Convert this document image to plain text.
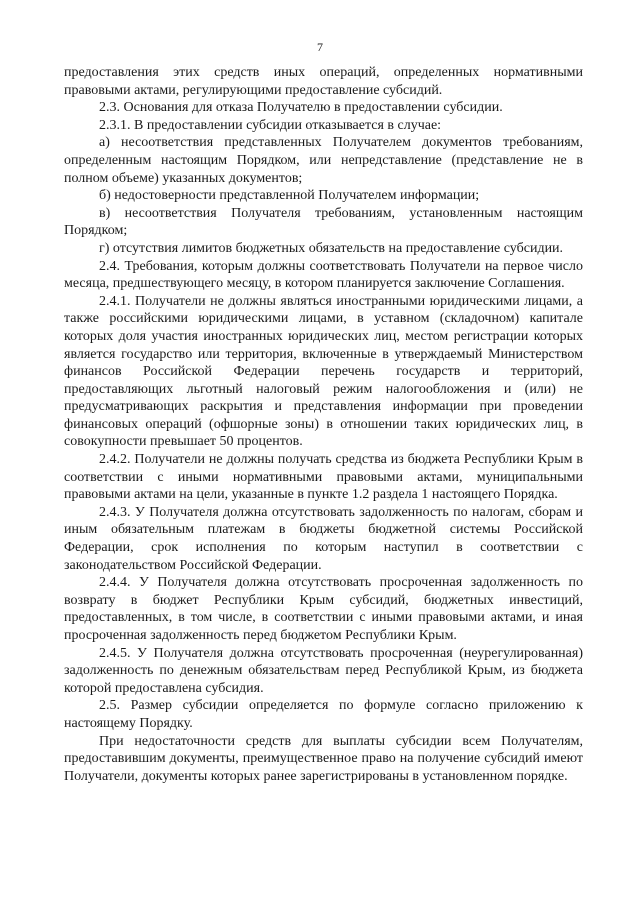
7

предоставления этих средств иных операций, определенных нормативными правовыми актами, регулирующими предоставление субсидий.

2.3. Основания для отказа Получателю в предоставлении субсидии.

2.3.1. В предоставлении субсидии отказывается в случае:

а) несоответствия представленных Получателем документов требованиям, определенным настоящим Порядком, или непредставление (представление не в полном объеме) указанных документов;

б) недостоверности представленной Получателем информации;

в) несоответствия Получателя требованиям, установленным настоящим Порядком;

г) отсутствия лимитов бюджетных обязательств на предоставление субсидии.

2.4. Требования, которым должны соответствовать Получатели на первое число месяца, предшествующего месяцу, в котором планируется заключение Соглашения.

2.4.1. Получатели не должны являться иностранными юридическими лицами, а также российскими юридическими лицами, в уставном (складочном) капитале которых доля участия иностранных юридических лиц, местом регистрации которых является государство или территория, включенные в утверждаемый Министерством финансов Российской Федерации перечень государств и территорий, предоставляющих льготный налоговый режим налогообложения и (или) не предусматривающих раскрытия и представления информации при проведении финансовых операций (офшорные зоны) в отношении таких юридических лиц, в совокупности превышает 50 процентов.

2.4.2. Получатели не должны получать средства из бюджета Республики Крым в соответствии с иными нормативными правовыми актами, муниципальными правовыми актами на цели, указанные в пункте 1.2 раздела 1 настоящего Порядка.

2.4.3. У Получателя должна отсутствовать задолженность по налогам, сборам и иным обязательным платежам в бюджеты бюджетной системы Российской Федерации, срок исполнения по которым наступил в соответствии с законодательством Российской Федерации.

2.4.4. У Получателя должна отсутствовать просроченная задолженность по возврату в бюджет Республики Крым субсидий, бюджетных инвестиций, предоставленных, в том числе, в соответствии с иными правовыми актами, и иная просроченная задолженность перед бюджетом Республики Крым.

2.4.5. У Получателя должна отсутствовать просроченная (неурегулированная) задолженность по денежным обязательствам перед Республикой Крым, из бюджета которой предоставлена субсидия.

2.5. Размер субсидии определяется по формуле согласно приложению к настоящему Порядку.

При недостаточности средств для выплаты субсидии всем Получателям, предоставившим документы, преимущественное право на получение субсидий имеют Получатели, документы которых ранее зарегистрированы в установленном порядке.
